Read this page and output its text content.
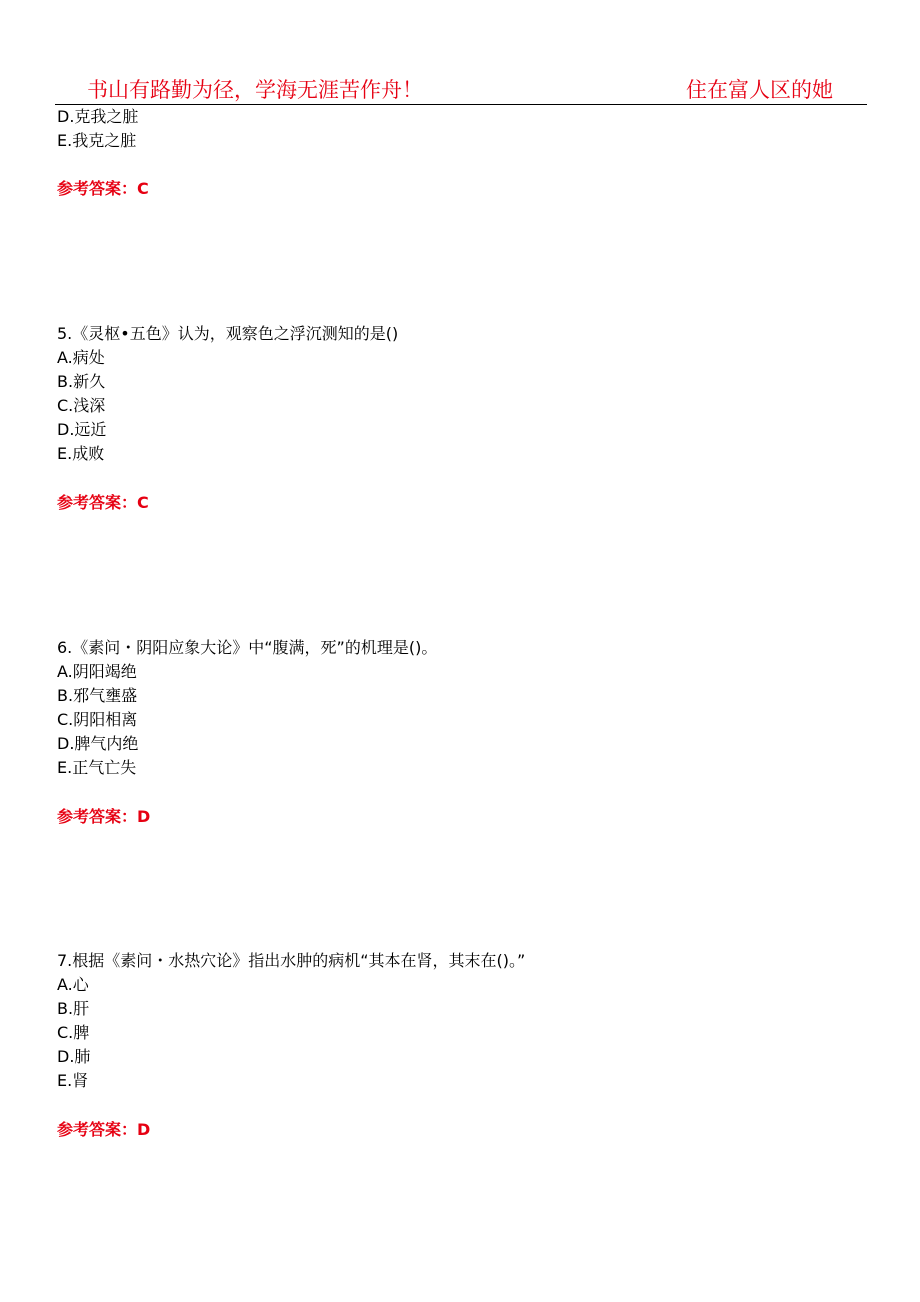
书山有路勤为径，学海无涯苦作舟！	住在富人区的她
D.克我之脏
E.我克之脏
参考答案：C
5.《灵枢•五色》认为，观察色之浮沉测知的是()
A.病处
B.新久
C.浅深
D.远近
E.成败
参考答案：C
6.《素问・阴阳应象大论》中“腹满，死”的机理是()。
A.阴阳竭绝
B.邪气壅盛
C.阴阳相离
D.脾气内绝
E.正气亡失
参考答案：D
7.根据《素问・水热穴论》指出水肿的病机“其本在肾，其末在()。”
A.心
B.肝
C.脾
D.肺
E.肾
参考答案：D
